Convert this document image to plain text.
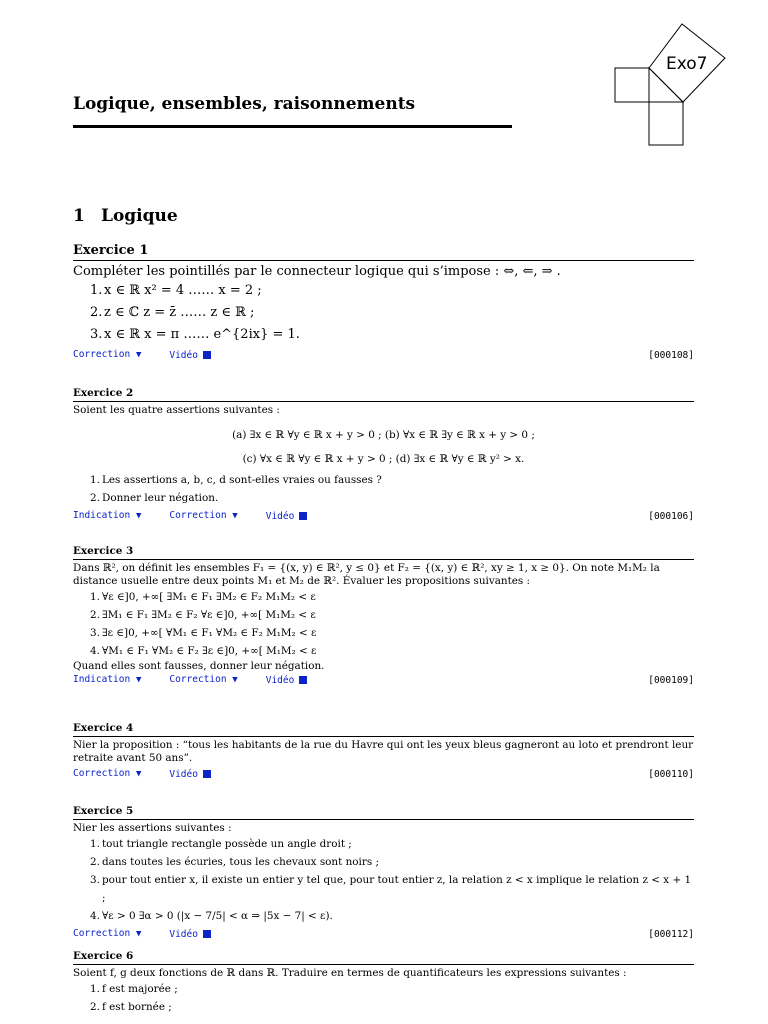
Exo7
Logique, ensembles, raisonnements
1 Logique
Exercice 1

Compléter les pointillés par le connecteur logique qui s’impose : ⇔, ⇐, ⇒ .

1. x ∈ ℝ x² = 4 …… x = 2 ;
2. z ∈ ℂ z = z̄ …… z ∈ ℝ ;
3. x ∈ ℝ x = π …… e^{2ix} = 1.
Correction ▼	Vidéo	[000108]
Exercice 2

Soient les quatre assertions suivantes :

(a) ∃x ∈ ℝ ∀y ∈ ℝ x + y > 0 ; (b) ∀x ∈ ℝ ∃y ∈ ℝ x + y > 0 ;
(c) ∀x ∈ ℝ ∀y ∈ ℝ x + y > 0 ; (d) ∃x ∈ ℝ ∀y ∈ ℝ y² > x.
1. Les assertions a, b, c, d sont-elles vraies ou fausses ?
2. Donner leur négation.
Indication ▼	Correction ▼	Vidéo	[000106]
Exercice 3

Dans ℝ², on définit les ensembles F₁ = {(x, y) ∈ ℝ², y ≤ 0} et F₂ = {(x, y) ∈ ℝ², xy ≥ 1, x ≥ 0}. On note M₁M₂ la distance usuelle entre deux points M₁ et M₂ de ℝ². Évaluer les propositions suivantes :

1. ∀ε ∈]0, +∞[ ∃M₁ ∈ F₁ ∃M₂ ∈ F₂ M₁M₂ < ε
2. ∃M₁ ∈ F₁ ∃M₂ ∈ F₂ ∀ε ∈]0, +∞[ M₁M₂ < ε
3. ∃ε ∈]0, +∞[ ∀M₁ ∈ F₁ ∀M₂ ∈ F₂ M₁M₂ < ε
4. ∀M₁ ∈ F₁ ∀M₂ ∈ F₂ ∃ε ∈]0, +∞[ M₁M₂ < ε

Quand elles sont fausses, donner leur négation.

Indication ▼	Correction ▼	Vidéo	[000109]
Exercice 4

Nier la proposition : “tous les habitants de la rue du Havre qui ont les yeux bleus gagneront au loto et prendront leur retraite avant 50 ans”.

Correction ▼	Vidéo	[000110]
Exercice 5

Nier les assertions suivantes :

1. tout triangle rectangle possède un angle droit ;
2. dans toutes les écuries, tous les chevaux sont noirs ;
3. pour tout entier x, il existe un entier y tel que, pour tout entier z, la relation z < x implique le relation z < x + 1 ;
4. ∀ε > 0 ∃α > 0 (|x − 7/5| < α ⇒ |5x − 7| < ε).
Correction ▼	Vidéo	[000112]
Exercice 6

Soient f, g deux fonctions de ℝ dans ℝ. Traduire en termes de quantificateurs les expressions suivantes :

1. f est majorée ;
2. f est bornée ;
